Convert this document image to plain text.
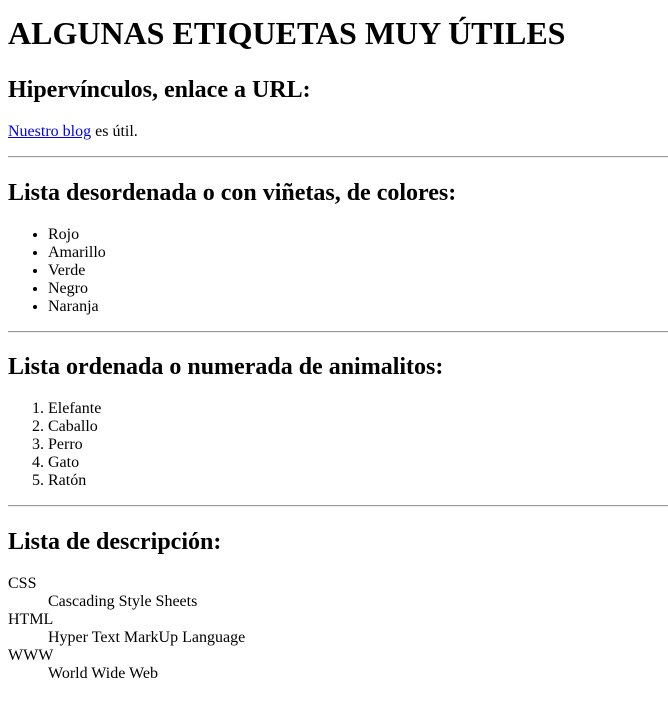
ALGUNAS ETIQUETAS MUY ÚTILES
Hipervínculos, enlace a URL:

Nuestro blog es útil.

Lista desordenada o con viñetas, de colores:
• Rojo
• Amarillo
• Verde
• Negro
• Naranja
Lista ordenada o numerada de animalitos:
1. Elefante
2. Caballo
3. Perro
4. Gato
5. Ratón
Lista de descripción:
CSS
Cascading Style Sheets
HTML
Hyper Text MarkUp Language
WWW
World Wide Web
